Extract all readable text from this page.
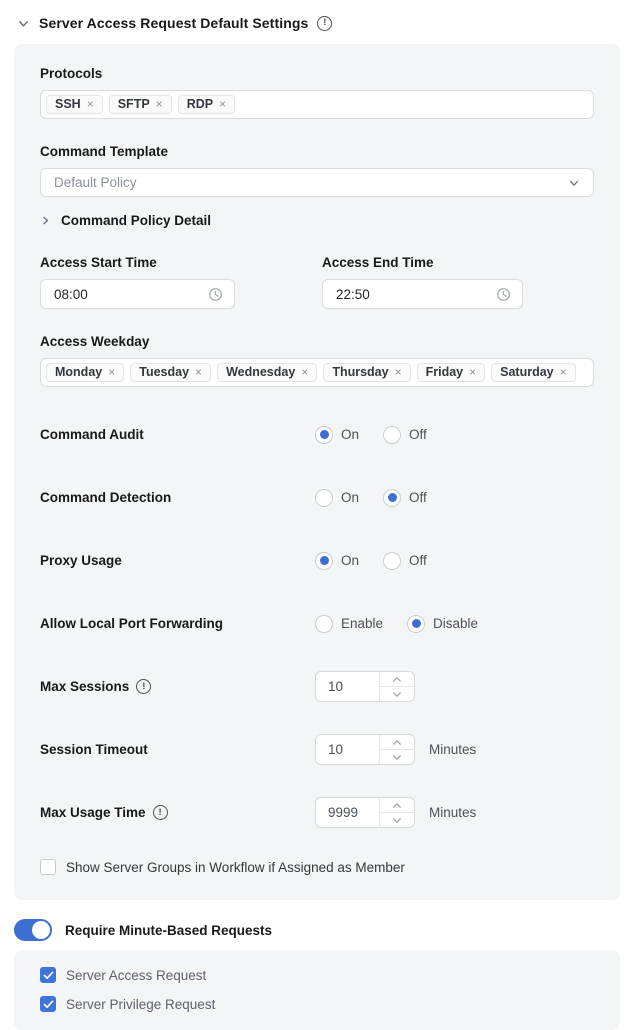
Server Access Request Default Settings	!
Protocols
SSH × SFTP × RDP ×
Command Template
Default Policy
Command Policy Detail
Access Start Time
08:00
Access End Time
22:50
Access Weekday
Monday × Tuesday × Wednesday × Thursday × Friday × Saturday ×
Command Audit	On	Off
Command Detection	On	Off
Proxy Usage	On	Off
Allow Local Port Forwarding	Enable	Disable
Max Sessions	!	10
Session Timeout	10	Minutes
Max Usage Time	!	9999	Minutes
Show Server Groups in Workflow if Assigned as Member
Require Minute-Based Requests
Server Access Request
Server Privilege Request
